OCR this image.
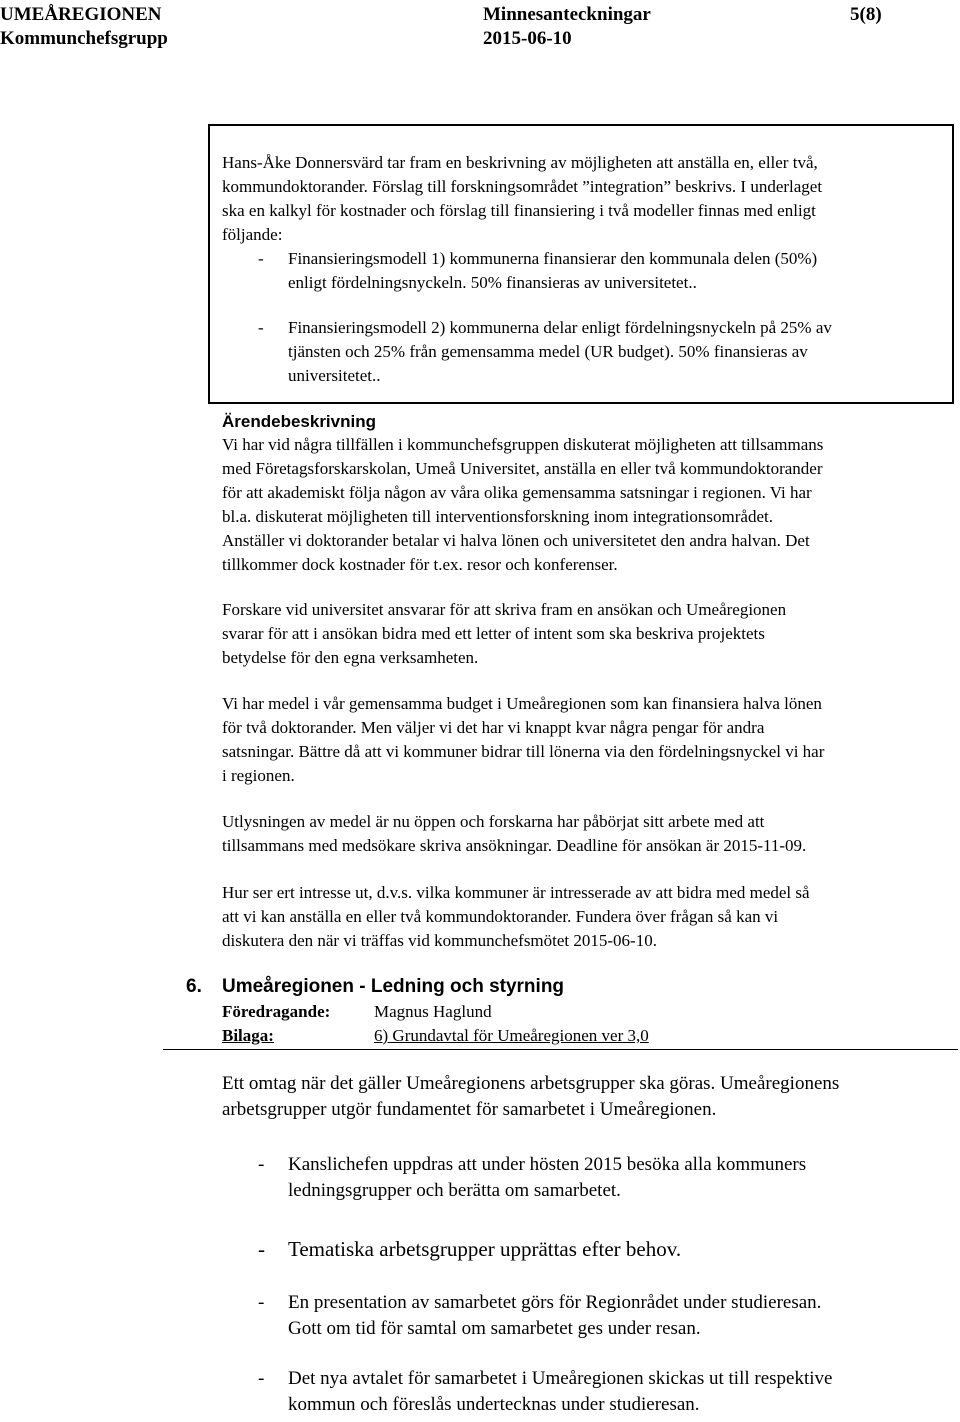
UMEÅREGIONEN	Minnesanteckningar	5(8)
Kommunchefsgrupp	2015-06-10
Hans-Åke Donnersvärd tar fram en beskrivning av möjligheten att anställa en, eller två,
kommundoktorander. Förslag till forskningsområdet ”integration” beskrivs. I underlaget
ska en kalkyl för kostnader och förslag till finansiering i två modeller finnas med enligt
följande:
- Finansieringsmodell 1) kommunerna finansierar den kommunala delen (50%)
enligt fördelningsnyckeln. 50% finansieras av universitetet..
- Finansieringsmodell 2) kommunerna delar enligt fördelningsnyckeln på 25% av
tjänsten och 25% från gemensamma medel (UR budget). 50% finansieras av
universitetet..
Ärendebeskrivning
Vi har vid några tillfällen i kommunchefsgruppen diskuterat möjligheten att tillsammans
med Företagsforskarskolan, Umeå Universitet, anställa en eller två kommundoktorander
för att akademiskt följa någon av våra olika gemensamma satsningar i regionen. Vi har
bl.a. diskuterat möjligheten till interventionsforskning inom integrationsområdet.
Anställer vi doktorander betalar vi halva lönen och universitetet den andra halvan. Det
tillkommer dock kostnader för t.ex. resor och konferenser.
Forskare vid universitet ansvarar för att skriva fram en ansökan och Umeåregionen
svarar för att i ansökan bidra med ett letter of intent som ska beskriva projektets
betydelse för den egna verksamheten.
Vi har medel i vår gemensamma budget i Umeåregionen som kan finansiera halva lönen
för två doktorander. Men väljer vi det har vi knappt kvar några pengar för andra
satsningar. Bättre då att vi kommuner bidrar till lönerna via den fördelningsnyckel vi har
i regionen.
Utlysningen av medel är nu öppen och forskarna har påbörjat sitt arbete med att
tillsammans med medsökare skriva ansökningar. Deadline för ansökan är 2015-11-09.
Hur ser ert intresse ut, d.v.s. vilka kommuner är intresserade av att bidra med medel så
att vi kan anställa en eller två kommundoktorander. Fundera över frågan så kan vi
diskutera den när vi träffas vid kommunchefsmötet 2015-06-10.
6. Umeåregionen - Ledning och styrning
Föredragande:	Magnus Haglund
Bilaga:	6) Grundavtal för Umeåregionen ver 3,0
Ett omtag när det gäller Umeåregionens arbetsgrupper ska göras. Umeåregionens
arbetsgrupper utgör fundamentet för samarbetet i Umeåregionen.
- Kanslichefen uppdras att under hösten 2015 besöka alla kommuners
ledningsgrupper och berätta om samarbetet.
- Tematiska arbetsgrupper upprättas efter behov.
- En presentation av samarbetet görs för Regionrådet under studieresan.
Gott om tid för samtal om samarbetet ges under resan.
- Det nya avtalet för samarbetet i Umeåregionen skickas ut till respektive
kommun och föreslås undertecknas under studieresan.
